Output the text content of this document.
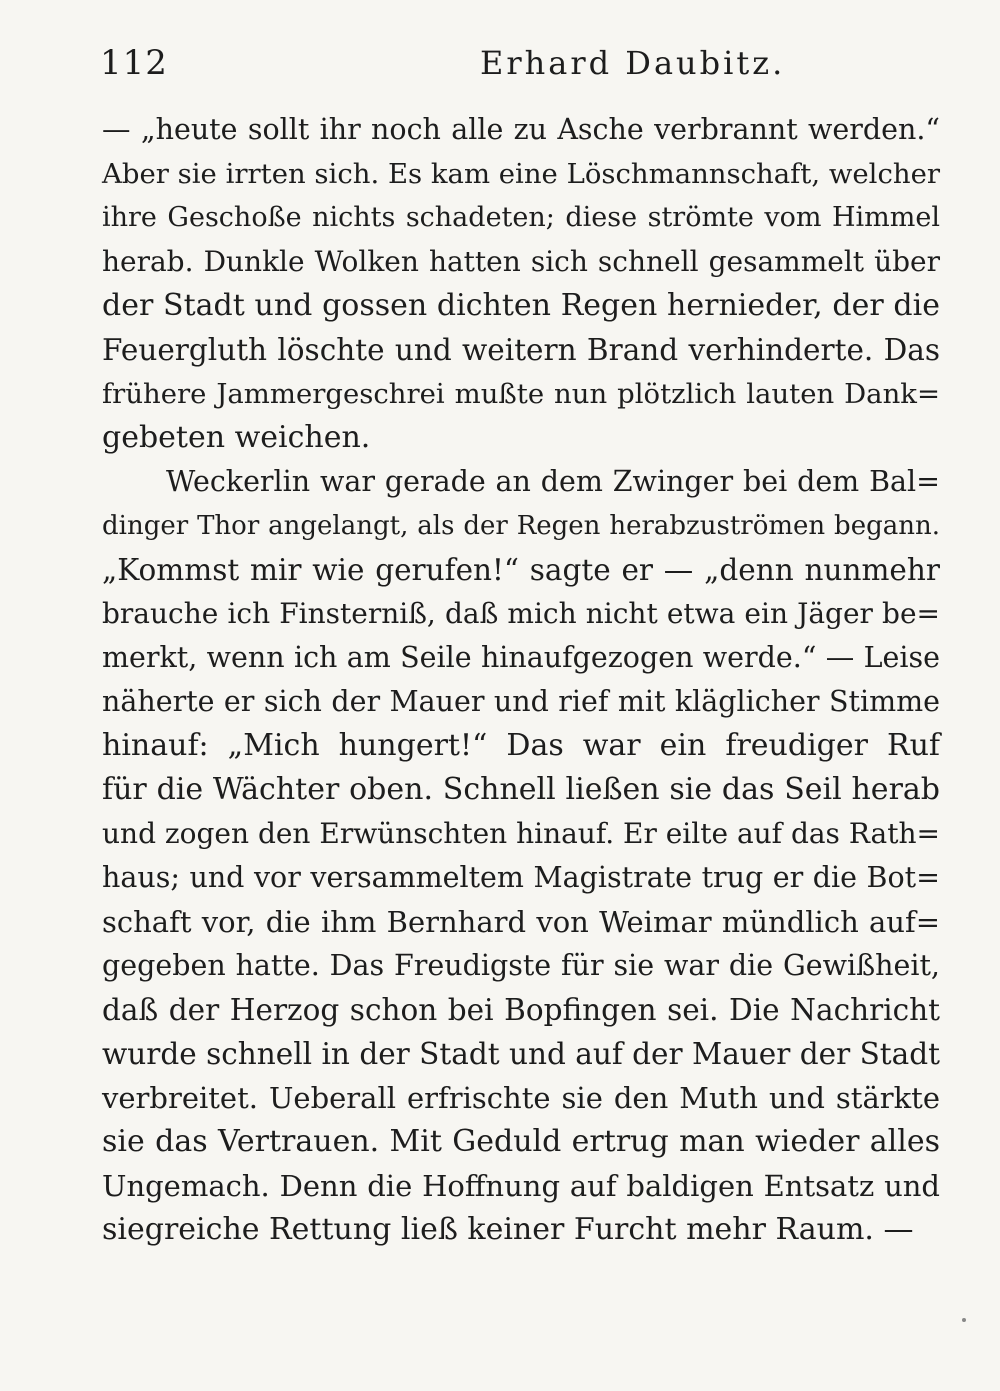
112	Erhard Daubitz.
— „heute sollt ihr noch alle zu Asche verbrannt werden.“
Aber sie irrten sich. Es kam eine Löschmannschaft, welcher
ihre Geschoße nichts schadeten; diese strömte vom Himmel
herab. Dunkle Wolken hatten sich schnell gesammelt über
der Stadt und gossen dichten Regen hernieder, der die
Feuergluth löschte und weitern Brand verhinderte. Das
frühere Jammergeschrei mußte nun plötzlich lauten Dank=
gebeten weichen.
Weckerlin war gerade an dem Zwinger bei dem Bal=
dinger Thor angelangt, als der Regen herabzuströmen begann.
„Kommst mir wie gerufen!“ sagte er — „denn nunmehr
brauche ich Finsterniß, daß mich nicht etwa ein Jäger be=
merkt, wenn ich am Seile hinaufgezogen werde.“ — Leise
näherte er sich der Mauer und rief mit kläglicher Stimme
hinauf: „Mich hungert!“ Das war ein freudiger Ruf
für die Wächter oben. Schnell ließen sie das Seil herab
und zogen den Erwünschten hinauf. Er eilte auf das Rath=
haus; und vor versammeltem Magistrate trug er die Bot=
schaft vor, die ihm Bernhard von Weimar mündlich auf=
gegeben hatte. Das Freudigste für sie war die Gewißheit,
daß der Herzog schon bei Bopfingen sei. Die Nachricht
wurde schnell in der Stadt und auf der Mauer der Stadt
verbreitet. Ueberall erfrischte sie den Muth und stärkte
sie das Vertrauen. Mit Geduld ertrug man wieder alles
Ungemach. Denn die Hoffnung auf baldigen Entsatz und
siegreiche Rettung ließ keiner Furcht mehr Raum. —
